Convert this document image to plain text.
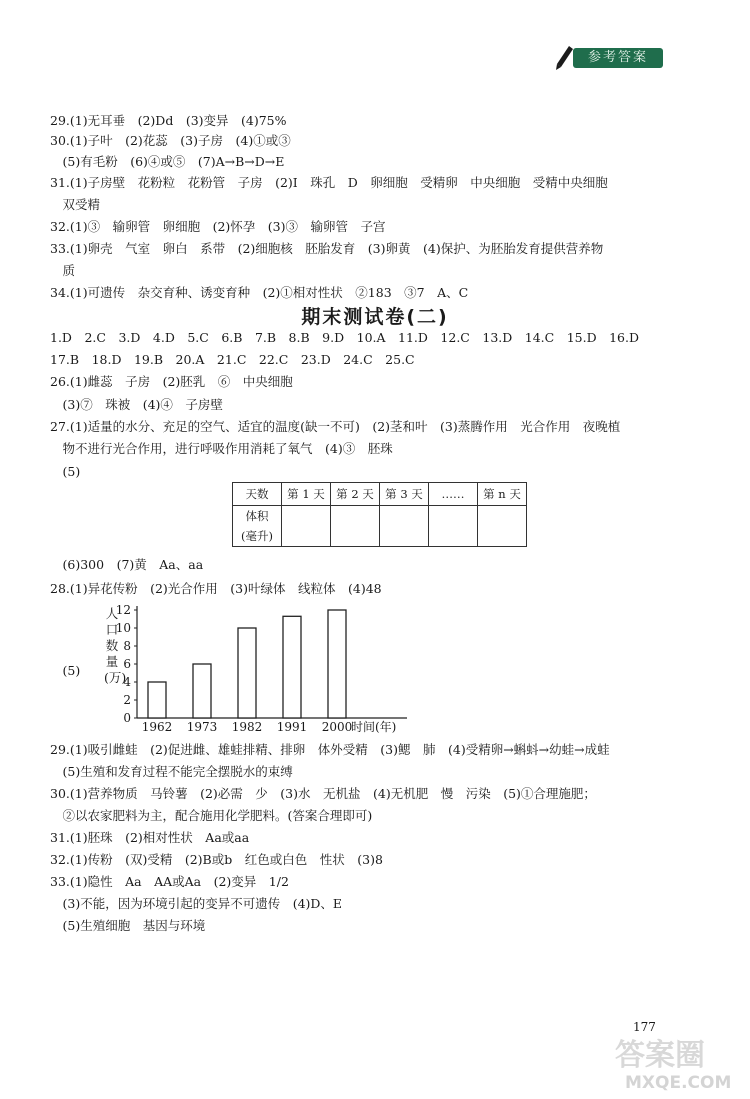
参考答案
29.(1)无耳垂　(2)Dd　(3)变异　(4)75%
30.(1)子叶　(2)花蕊　(3)子房　(4)①或③
　(5)有毛粉　(6)④或⑤　(7)A→B→D→E
31.(1)子房壁　花粉粒　花粉管　子房　(2)Ⅰ　珠孔　D　卵细胞　受精卵　中央细胞　受精中央细胞
　双受精
32.(1)③　输卵管　卵细胞　(2)怀孕　(3)③　输卵管　子宫
33.(1)卵壳　气室　卵白　系带　(2)细胞核　胚胎发育　(3)卵黄　(4)保护、为胚胎发育提供营养物
　质
34.(1)可遗传　杂交育种、诱变育种　(2)①相对性状　②183　③7　A、C
期末测试卷(二)
1.D　2.C　3.D　4.D　5.C　6.B　7.B　8.B　9.D　10.A　11.D　12.C　13.D　14.C　15.D　16.D
17.B　18.D　19.B　20.A　21.C　22.C　23.D　24.C　25.C
26.(1)雌蕊　子房　(2)胚乳　⑥　中央细胞
　(3)⑦　珠被　(4)④　子房壁
27.(1)适量的水分、充足的空气、适宜的温度(缺一不可)　(2)茎和叶　(3)蒸腾作用　光合作用　夜晚植
　物不进行光合作用，进行呼吸作用消耗了氧气　(4)③　胚珠
　(5)
天数	第 1 天	第 2 天	第 3 天	……	第 n 天

体积
(毫升)					

　(6)300　(7)黄　Aa、aa
28.(1)异花传粉　(2)光合作用　(3)叶绿体　线粒体　(4)48
　(5)
人口数量(万)
0
2
4
6
8
10
12
1962 1973 1982 1991 2000
时间(年)
29.(1)吸引雌蛙　(2)促进雌、雄蛙排精、排卵　体外受精　(3)鳃　肺　(4)受精卵→蝌蚪→幼蛙→成蛙
　(5)生殖和发育过程不能完全摆脱水的束缚
30.(1)营养物质　马铃薯　(2)必需　少　(3)水　无机盐　(4)无机肥　慢　污染　(5)①合理施肥；
　②以农家肥料为主，配合施用化学肥料。(答案合理即可)
31.(1)胚珠　(2)相对性状　Aa或aa
32.(1)传粉　(双)受精　(2)B或b　红色或白色　性状　(3)8
33.(1)隐性　Aa　AA或Aa　(2)变异　1/2
　(3)不能，因为环境引起的变异不可遗传　(4)D、E
　(5)生殖细胞　基因与环境
177
答案圈
MXQE.COM
